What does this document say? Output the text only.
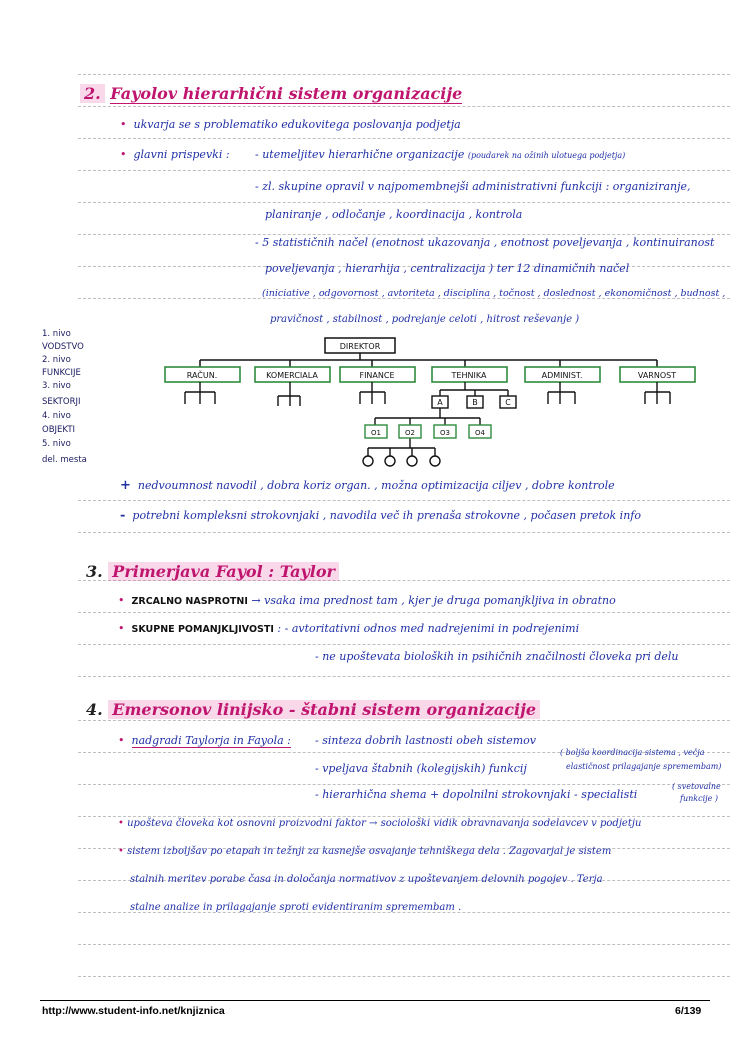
2. Fayolov hierarhični sistem organizacije
• ukvarja se s problematiko edukovitega poslovanja podjetja
• glavni prispevki : - utemeljitev hierarhične organizacije (poudarek na ožinih ulotuega podjetja)
- zl. skupine opravil v najpomembnejši administrativni funkciji : organiziranje,
planiranje , odločanje , koordinacija , kontrola
- 5 statističnih načel (enotnost ukazovanja , enotnost poveljevanja , kontinuiranost
poveljevanja , hierarhija , centralizacija ) ter 12 dinamičnih načel
(iniciative , odgovornost , avtoriteta , disciplina , točnost , doslednost , ekonomičnost , budnost ,
pravičnost , stabilnost , podrejanje celoti , hitrost reševanje )
1. nivo
VODSTVO
2. nivo
FUNKCIJE
3. nivo
SEKTORJI
4. nivo
OBJEKTI
5. nivo
del. mesta
DIREKTOR
RAČUN.	KOMERCIALA	FINANCE	TEHNIKA	ADMINIST.	VARNOST
A	B	C
O1	O2	O3	O4
+ nedvoumnost navodil , dobra koriz organ. , možna optimizacija ciljev , dobre kontrole
- potrebni kompleksni strokovnjaki , navodila več ih prenaša strokovne , počasen pretok info
3. Primerjava Fayol : Taylor
• ZRCALNO NASPROTNI → vsaka ima prednost tam , kjer je druga pomanjkljiva in obratno
• SKUPNE POMANJKLJIVOSTI : - avtoritativni odnos med nadrejenimi in podrejenimi
- ne upoštevata bioloških in psihičnih značilnosti človeka pri delu
4. Emersonov linijsko - štabni sistem organizacije
• nadgradi Taylorja in Fayola : - sinteza dobrih lastnosti obeh sistemov
- vpeljava štabnih (kolegijskih) funkcij
( boljša koordinacija sistema , večja
elastičnost prilagajanje spremembam)
- hierarhična shema + dopolnilni strokovnjaki - specialisti
( svetovalne
funkcije )
• upošteva človeka kot osnovni proizvodni faktor → sociološki vidik obravnavanja sodelavcev v podjetju
• sistem izboljšav po etapah in težnji za kasnejše osvajanje tehniškega dela . Zagovarjal je sistem
stalnih meritev porabe časa in določanja normativov z upoštevanjem delovnih pogojev . Terja
stalne analize in prilagajanje sproti evidentiranim spremembam .
http://www.student-info.net/knjiznica	6/139
